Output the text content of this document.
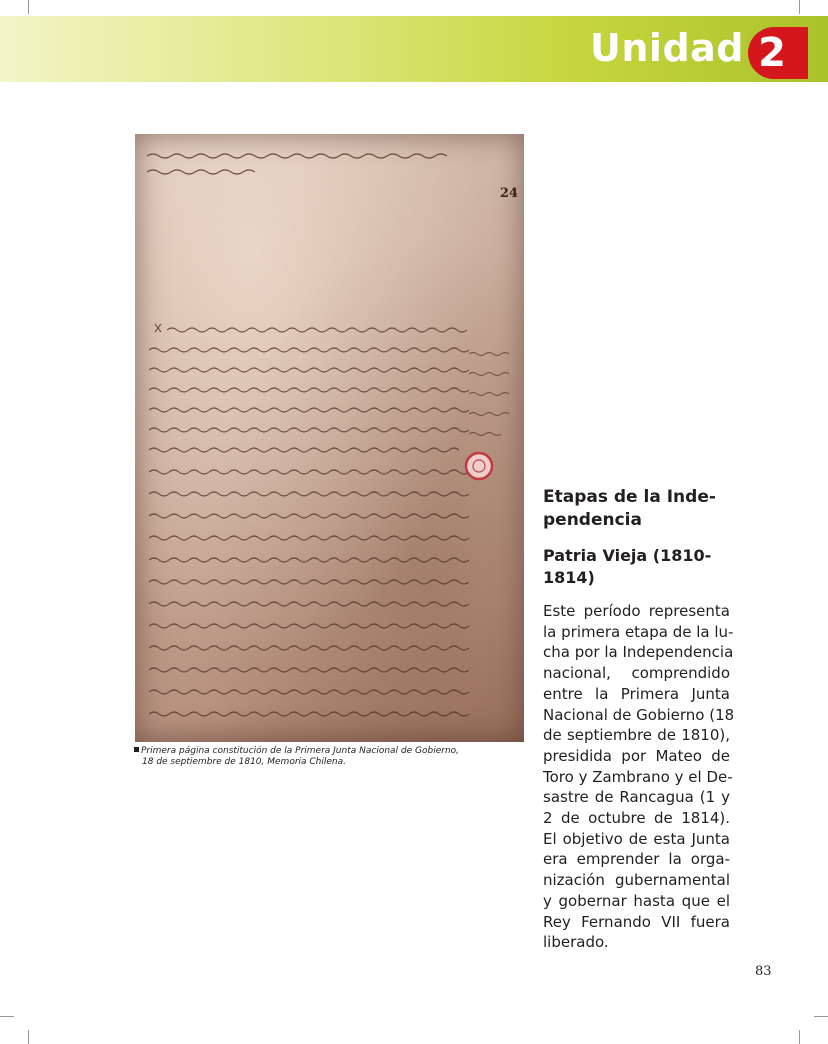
Unidad 2
24
Primera página constitución de la Primera Junta Nacional de Gobierno,
18 de septiembre de 1810, Memoria Chilena.
Etapas de la Inde-
pendencia
Patria Vieja (1810-
1814)
Este período representa
la primera etapa de la lu-
cha por la Independencia
nacional, comprendido
entre la Primera Junta
Nacional de Gobierno (18
de septiembre de 1810),
presidida por Mateo de
Toro y Zambrano y el De-
sastre de Rancagua (1 y
2 de octubre de 1814).
El objetivo de esta Junta
era emprender la orga-
nización gubernamental
y gobernar hasta que el
Rey Fernando VII fuera
liberado.
83
